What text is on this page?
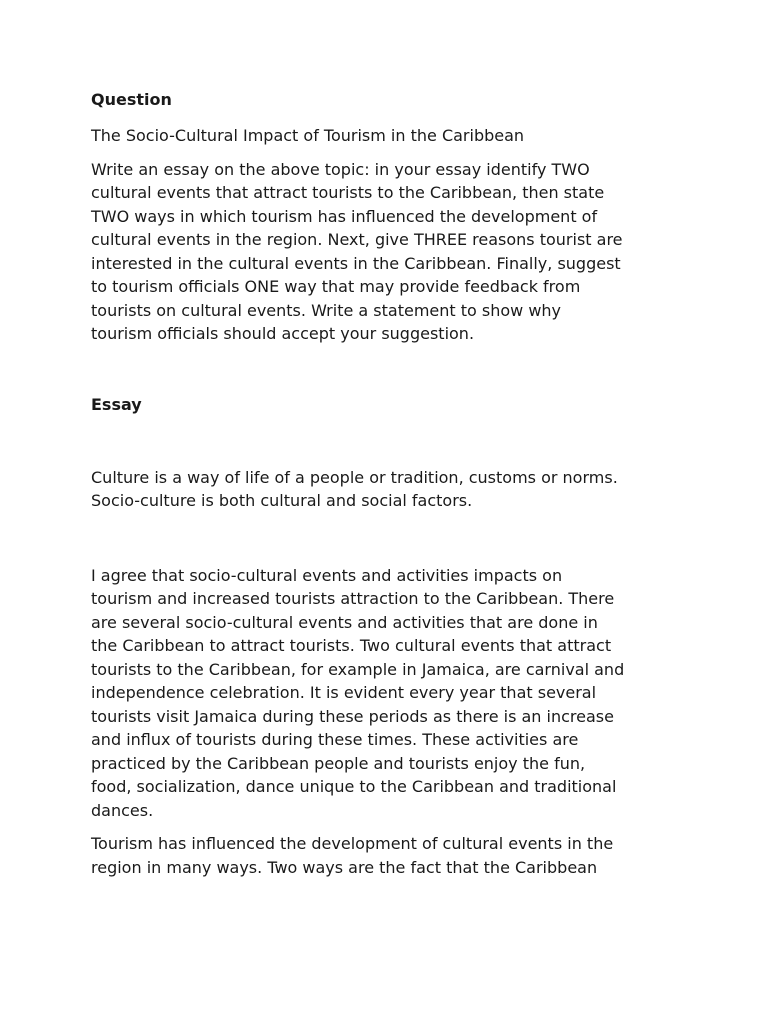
Question

The Socio-Cultural Impact of Tourism in the Caribbean

Write an essay on the above topic: in your essay identify TWO
cultural events that attract tourists to the Caribbean, then state
TWO ways in which tourism has influenced the development of
cultural events in the region. Next, give THREE reasons tourist are
interested in the cultural events in the Caribbean. Finally, suggest
to tourism officials ONE way that may provide feedback from
tourists on cultural events. Write a statement to show why
tourism officials should accept your suggestion.

Essay

Culture is a way of life of a people or tradition, customs or norms.
Socio-culture is both cultural and social factors.

I agree that socio-cultural events and activities impacts on
tourism and increased tourists attraction to the Caribbean. There
are several socio-cultural events and activities that are done in
the Caribbean to attract tourists. Two cultural events that attract
tourists to the Caribbean, for example in Jamaica, are carnival and
independence celebration. It is evident every year that several
tourists visit Jamaica during these periods as there is an increase
and influx of tourists during these times. These activities are
practiced by the Caribbean people and tourists enjoy the fun,
food, socialization, dance unique to the Caribbean and traditional
dances.

Tourism has influenced the development of cultural events in the
region in many ways. Two ways are the fact that the Caribbean
